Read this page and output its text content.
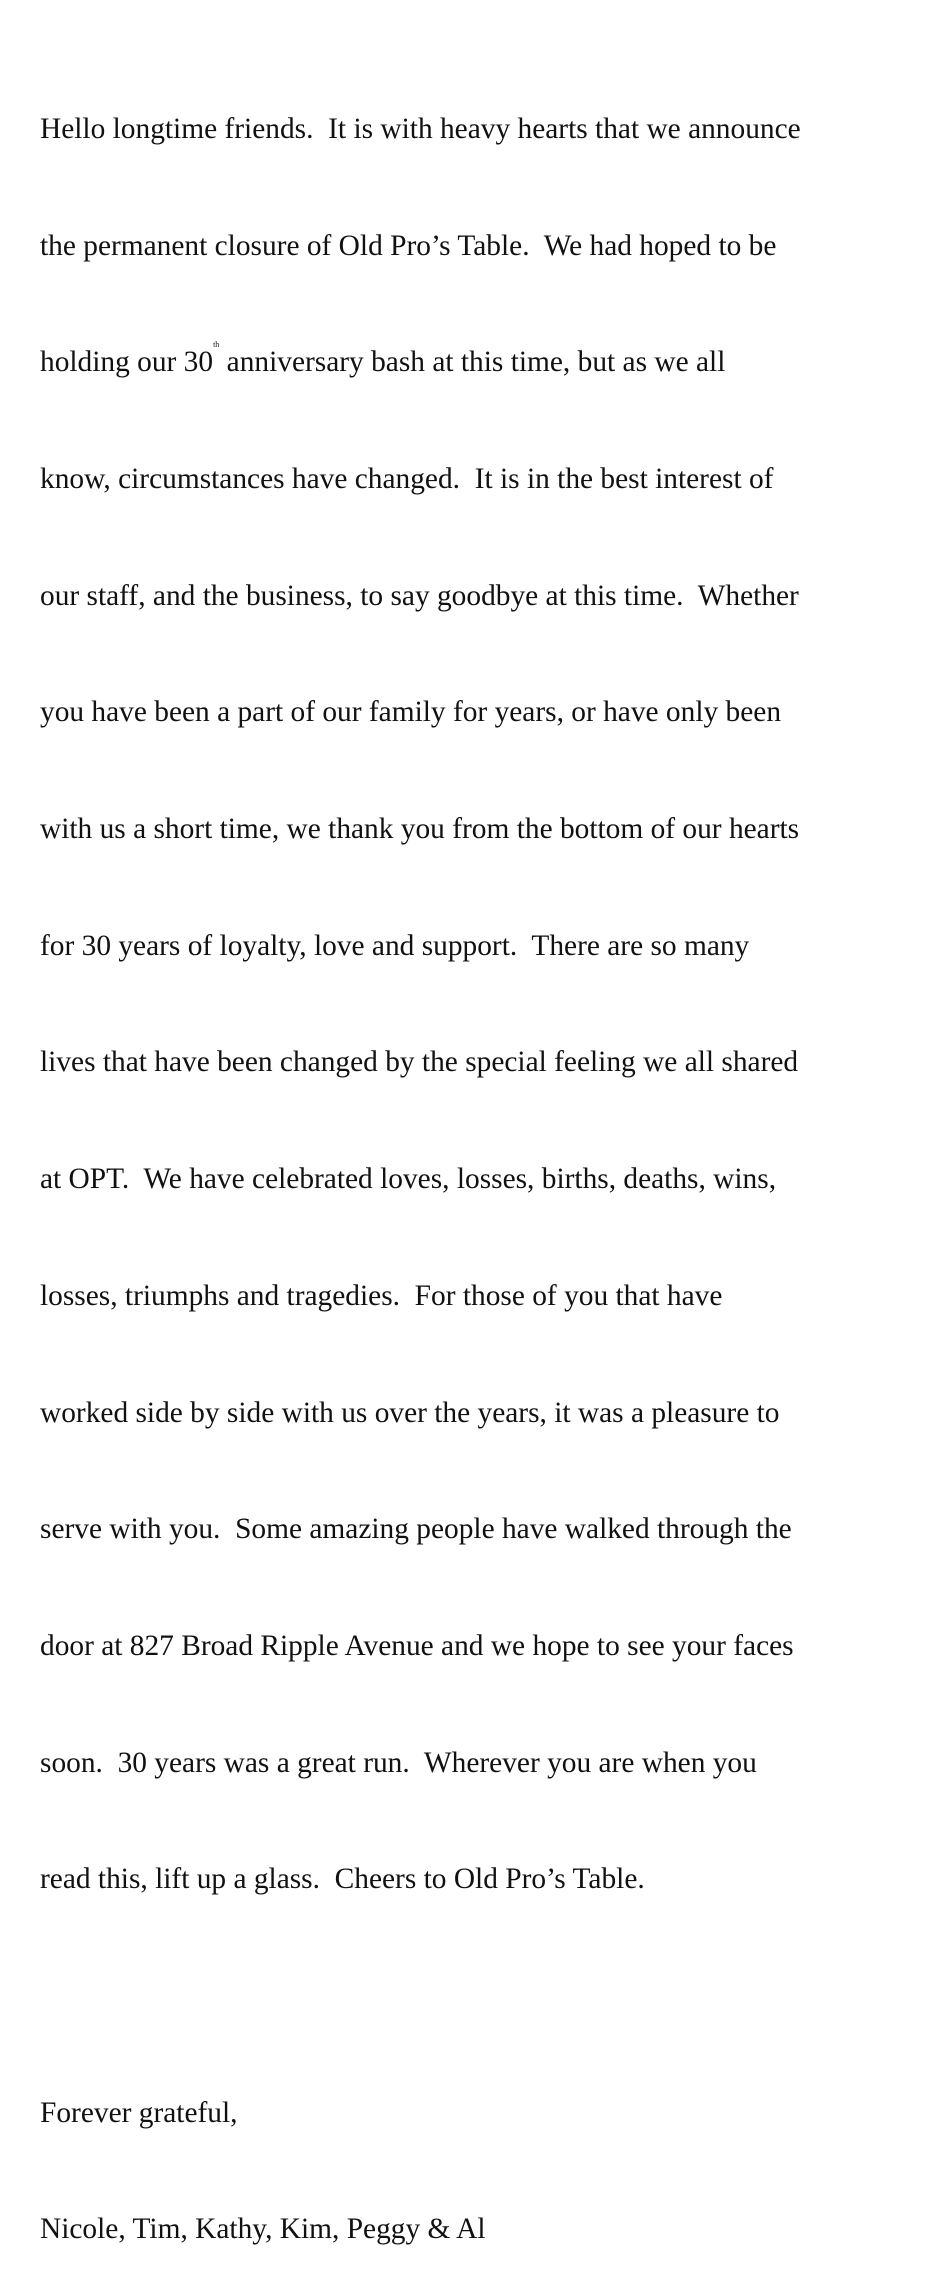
Hello longtime friends.  It is with heavy hearts that we announce

the permanent closure of Old Pro’s Table.  We had hoped to be

holding our 30th anniversary bash at this time, but as we all

know, circumstances have changed.  It is in the best interest of

our staff, and the business, to say goodbye at this time.  Whether

you have been a part of our family for years, or have only been

with us a short time, we thank you from the bottom of our hearts

for 30 years of loyalty, love and support.  There are so many

lives that have been changed by the special feeling we all shared

at OPT.  We have celebrated loves, losses, births, deaths, wins,

losses, triumphs and tragedies.  For those of you that have

worked side by side with us over the years, it was a pleasure to

serve with you.  Some amazing people have walked through the

door at 827 Broad Ripple Avenue and we hope to see your faces

soon.  30 years was a great run.  Wherever you are when you

read this, lift up a glass.  Cheers to Old Pro’s Table.

Forever grateful,

Nicole, Tim, Kathy, Kim, Peggy & Al
